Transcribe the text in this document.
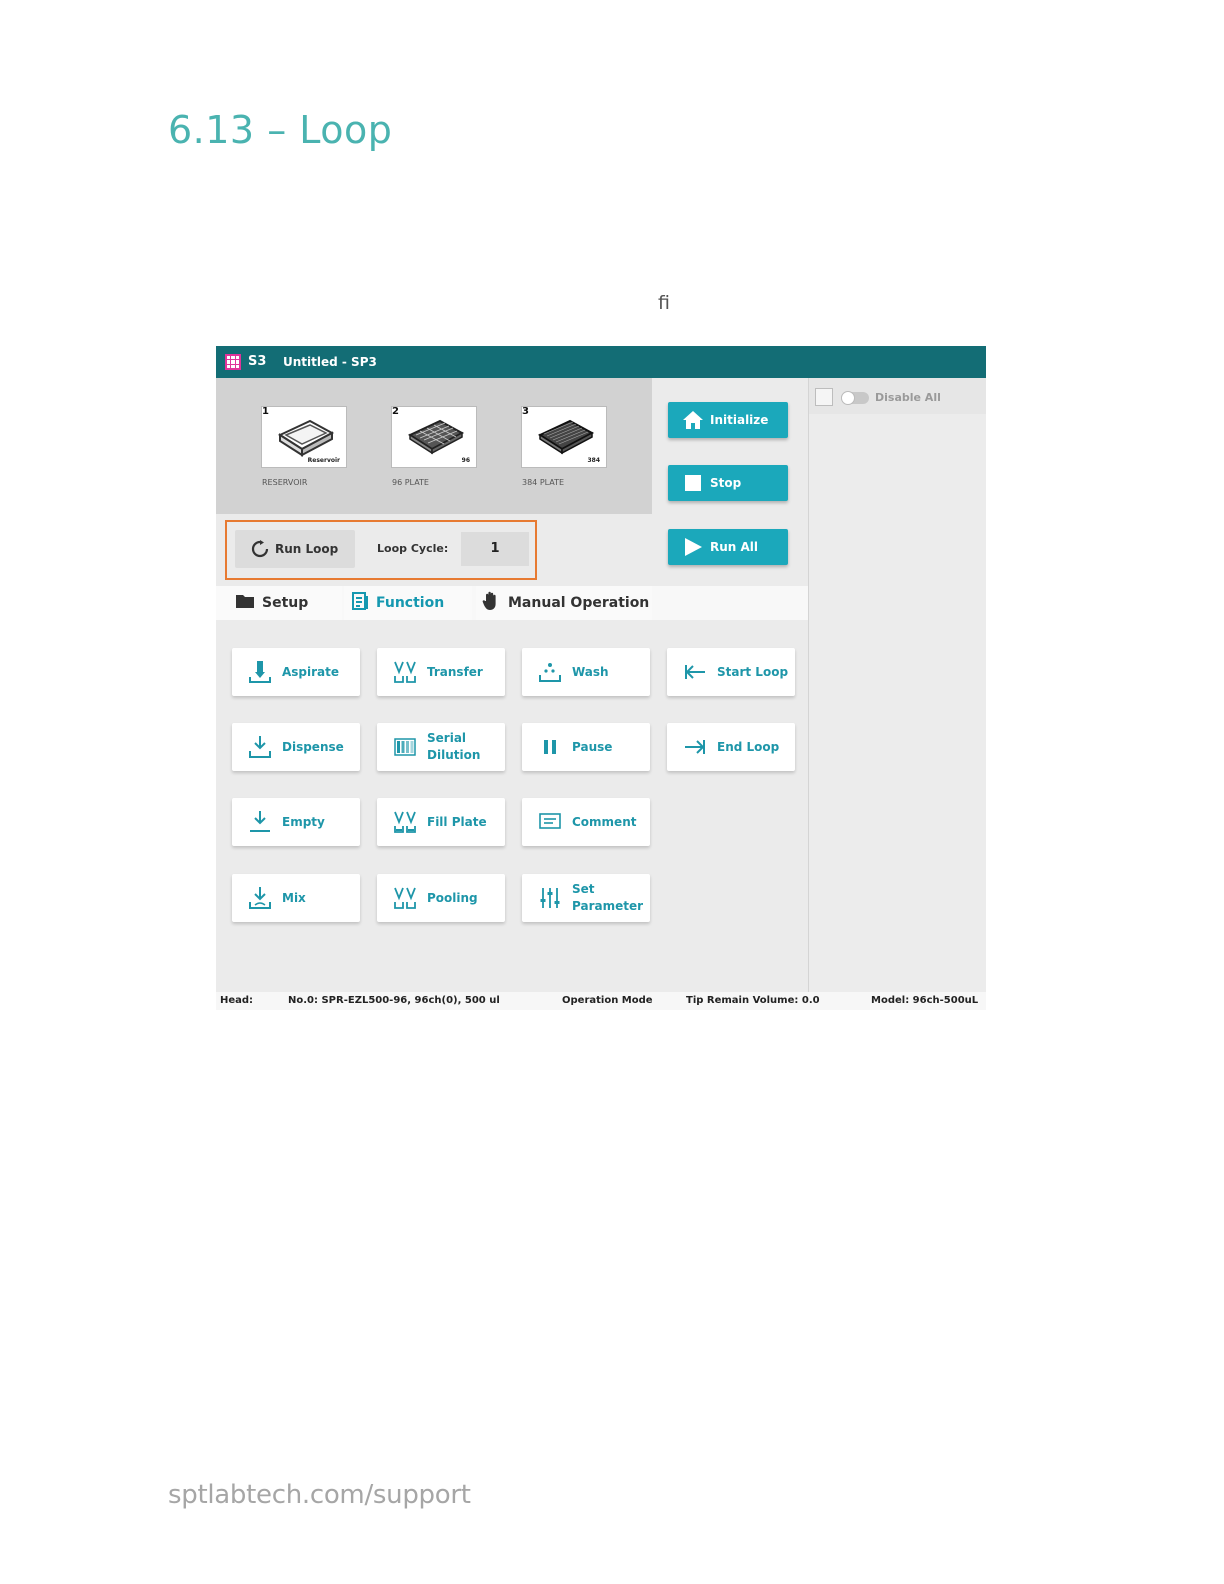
6.13 – Loop
fi
S3 Untitled - SP3
1
Reservoir
RESERVOIR
2
96
96 PLATE
3
384
384 PLATE
Initialize
Stop
Run All
Disable All
Run Loop	Loop Cycle:	1
Setup	Function	Manual Operation
Aspirate	Transfer	Wash	Start Loop
Dispense
Serial
Dilution
Pause	End Loop
Empty	Fill Plate	Comment
Mix	Pooling
Set
Parameter
Head:	No.0: SPR-EZL500-96, 96ch(0), 500 ul	Operation Mode	Tip Remain Volume: 0.0	Model: 96ch-500uL
sptlabtech.com/support
